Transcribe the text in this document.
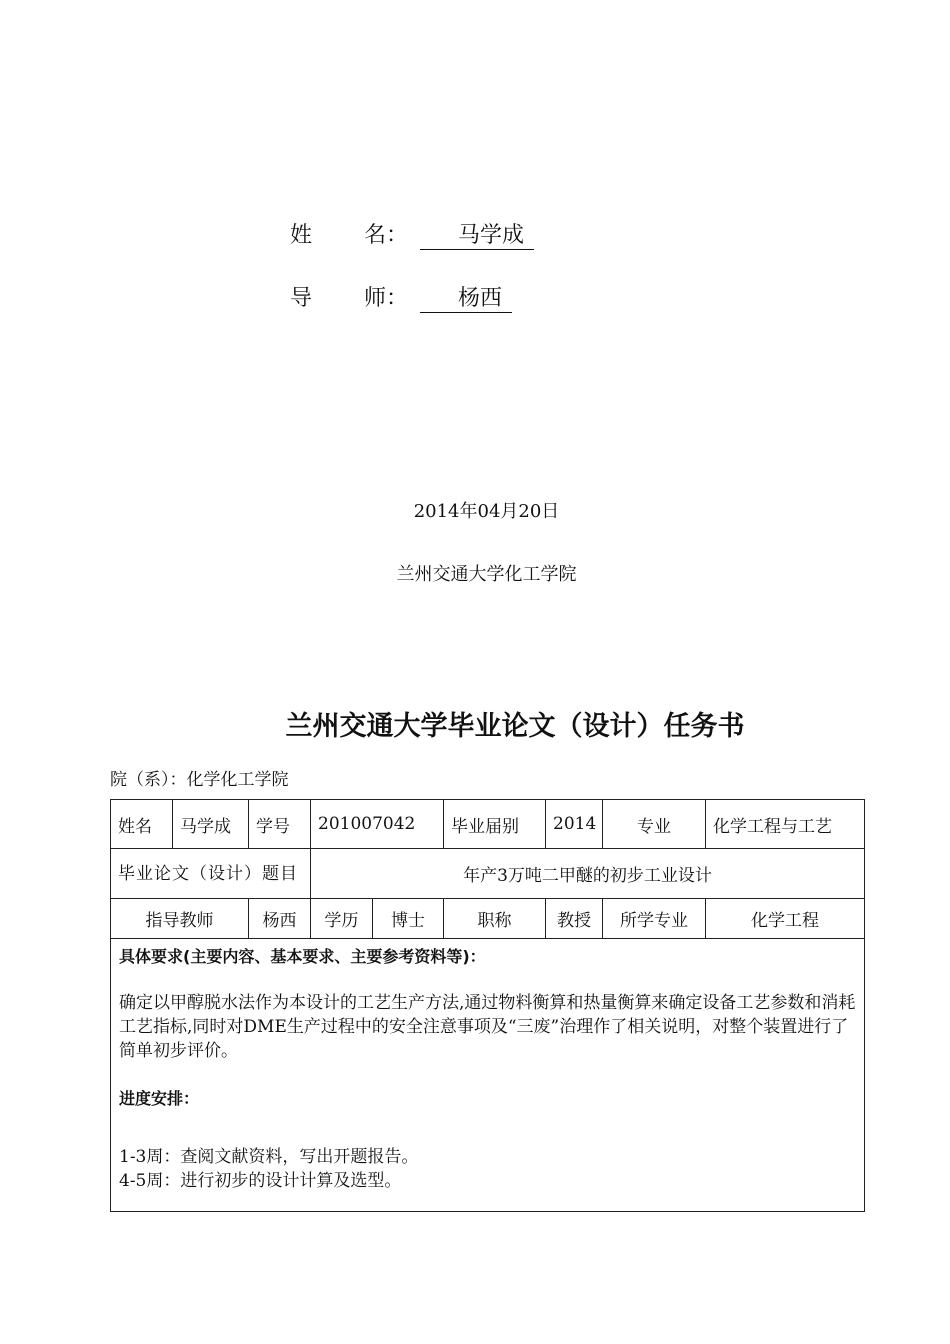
姓 名：	马学成
导 师：	杨西
2014年04月20日
兰州交通大学化工学院
兰州交通大学毕业论文（设计）任务书
院（系）：化学化工学院
姓名	马学成	学号	201007042		毕业届别	2014	专业	化学工程与工艺
毕业论文（设计）题目			年产3万吨二甲醚的初步工业设计					
指导教师		杨西	学历	博士	职称	教授	所学专业	化学工程

具体要求(主要内容、基本要求、主要参考资料等)：
确定以甲醇脱水法作为本设计的工艺生产方法,通过物料衡算和热量衡算来确定设备工艺参数和消耗工艺指标,同时对DME生产过程中的安全注意事项及“三废”治理作了相关说明，对整个装置进行了简单初步评价。
进度安排：
1-3周：查阅文献资料，写出开题报告。
4-5周：进行初步的设计计算及选型。								
